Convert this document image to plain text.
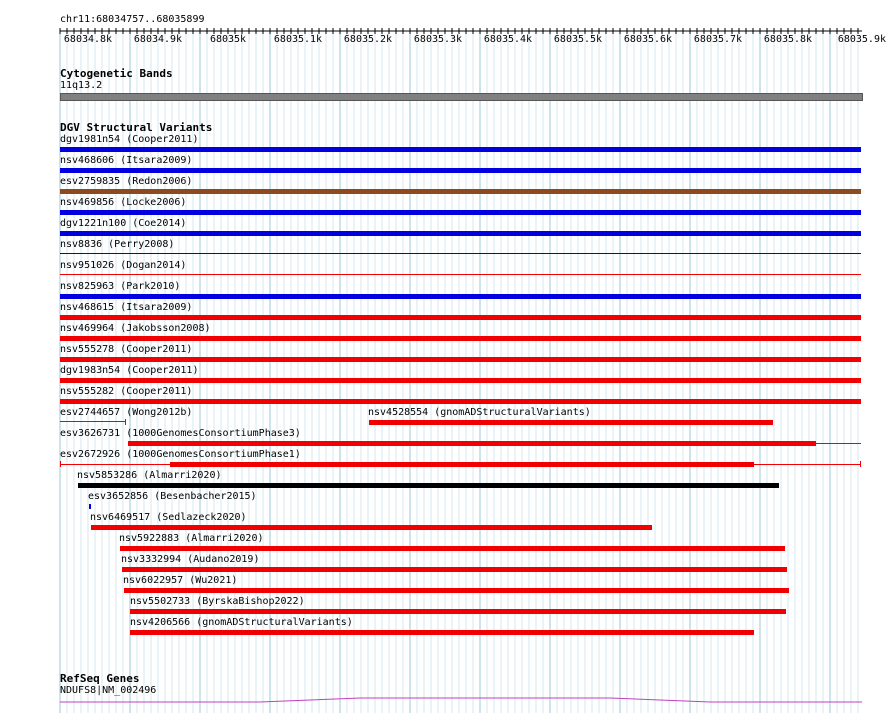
chr11:68034757..68035899
Cytogenetic Bands
11q13.2
DGV Structural Variants
dgv1981n54 (Cooper2011)
nsv468606 (Itsara2009)
esv2759835 (Redon2006)
nsv469856 (Locke2006)
dgv1221n100 (Coe2014)
nsv8836 (Perry2008)
nsv951026 (Dogan2014)
nsv825963 (Park2010)
nsv468615 (Itsara2009)
nsv469964 (Jakobsson2008)
nsv555278 (Cooper2011)
dgv1983n54 (Cooper2011)
nsv555282 (Cooper2011)
esv2744657 (Wong2012b)	nsv4528554 (gnomADStructuralVariants)
esv3626731 (1000GenomesConsortiumPhase3)
esv2672926 (1000GenomesConsortiumPhase1)
nsv5853286 (Almarri2020)
esv3652856 (Besenbacher2015)
nsv6469517 (Sedlazeck2020)
nsv5922883 (Almarri2020)
nsv3332994 (Audano2019)
nsv6022957 (Wu2021)
nsv5502733 (ByrskaBishop2022)
nsv4206566 (gnomADStructuralVariants)
RefSeq Genes
NDUFS8|NM_002496
68034.8k 68034.9k	68035k	68035.1k 68035.2k 68035.3k 68035.4k 68035.5k 68035.6k 68035.7k 68035.8k	68035.9k
